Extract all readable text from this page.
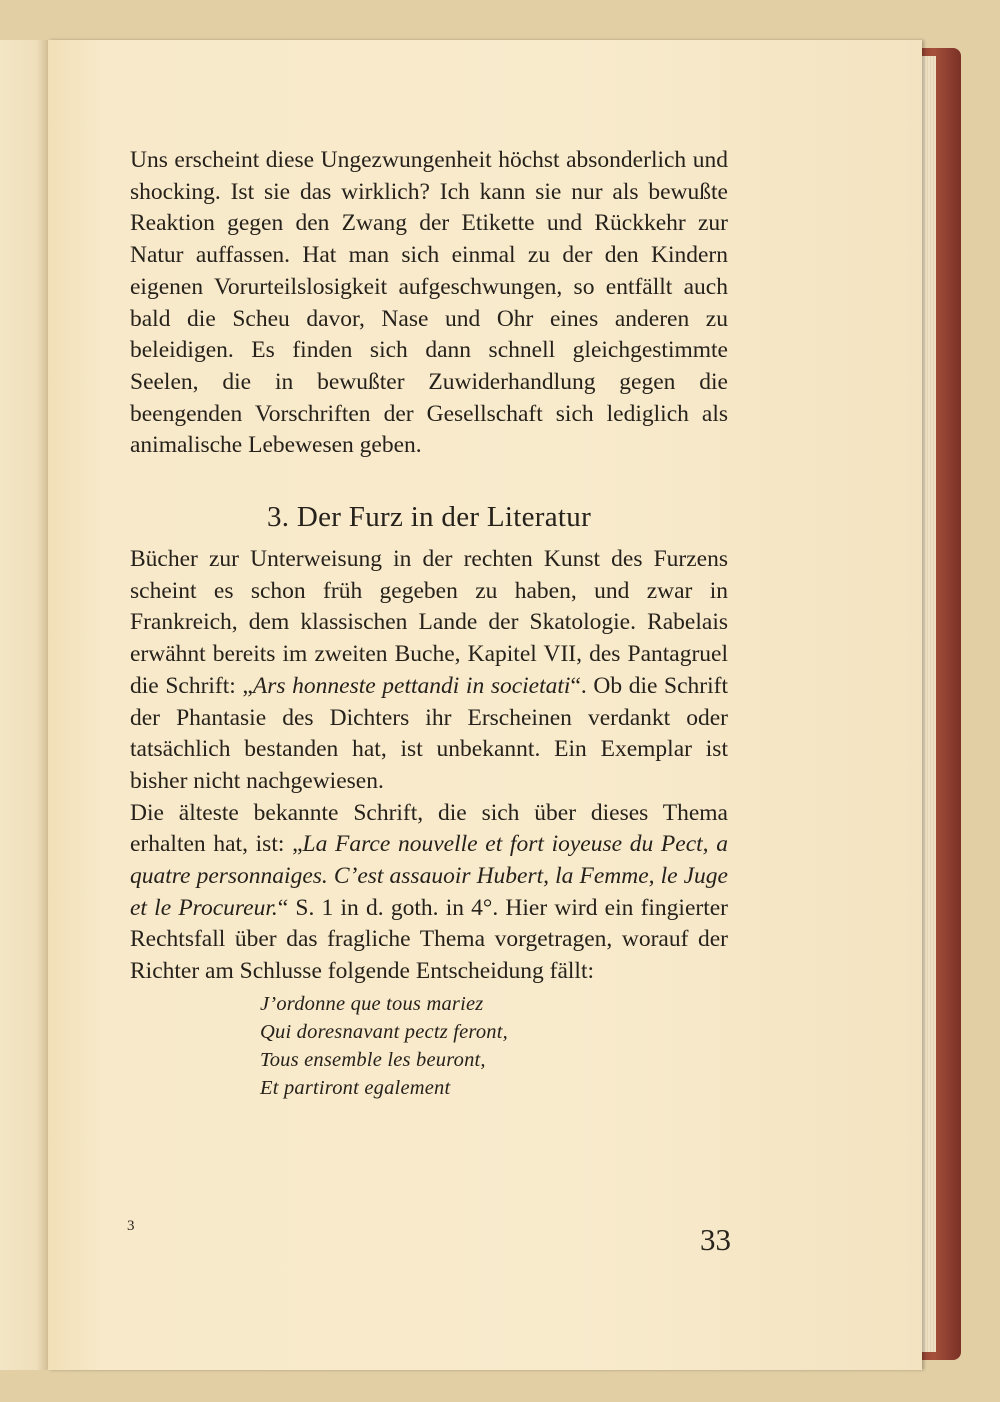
Uns erscheint diese Ungezwungenheit höchst absonderlich und shocking. Ist sie das wirklich? Ich kann sie nur als bewußte Reaktion gegen den Zwang der Etikette und Rückkehr zur Natur auffassen. Hat man sich einmal zu der den Kindern eigenen Vorurteilslosigkeit aufgeschwungen, so entfällt auch bald die Scheu davor, Nase und Ohr eines anderen zu beleidigen. Es finden sich dann schnell gleichgestimmte Seelen, die in bewußter Zuwiderhandlung gegen die beengenden Vorschriften der Gesellschaft sich lediglich als animalische Lebewesen geben.

3. Der Furz in der Literatur

Bücher zur Unterweisung in der rechten Kunst des Furzens scheint es schon früh gegeben zu haben, und zwar in Frankreich, dem klassischen Lande der Skatologie. Rabelais erwähnt bereits im zweiten Buche, Kapitel VII, des Pantagruel die Schrift: „Ars honneste pettandi in societati“. Ob die Schrift der Phantasie des Dichters ihr Erscheinen verdankt oder tatsächlich bestanden hat, ist unbekannt. Ein Exemplar ist bisher nicht nachgewiesen.

Die älteste bekannte Schrift, die sich über dieses Thema erhalten hat, ist: „La Farce nouvelle et fort ioyeuse du Pect, a quatre personnaiges. C’est assauoir Hubert, la Femme, le Juge et le Procureur.“ S. 1 in d. goth. in 4°. Hier wird ein fingierter Rechtsfall über das fragliche Thema vorgetragen, worauf der Richter am Schlusse folgende Entscheidung fällt:

J’ordonne que tous mariez
Qui doresnavant pectz feront,
Tous ensemble les beuront,
Et partiront egalement
3	33
